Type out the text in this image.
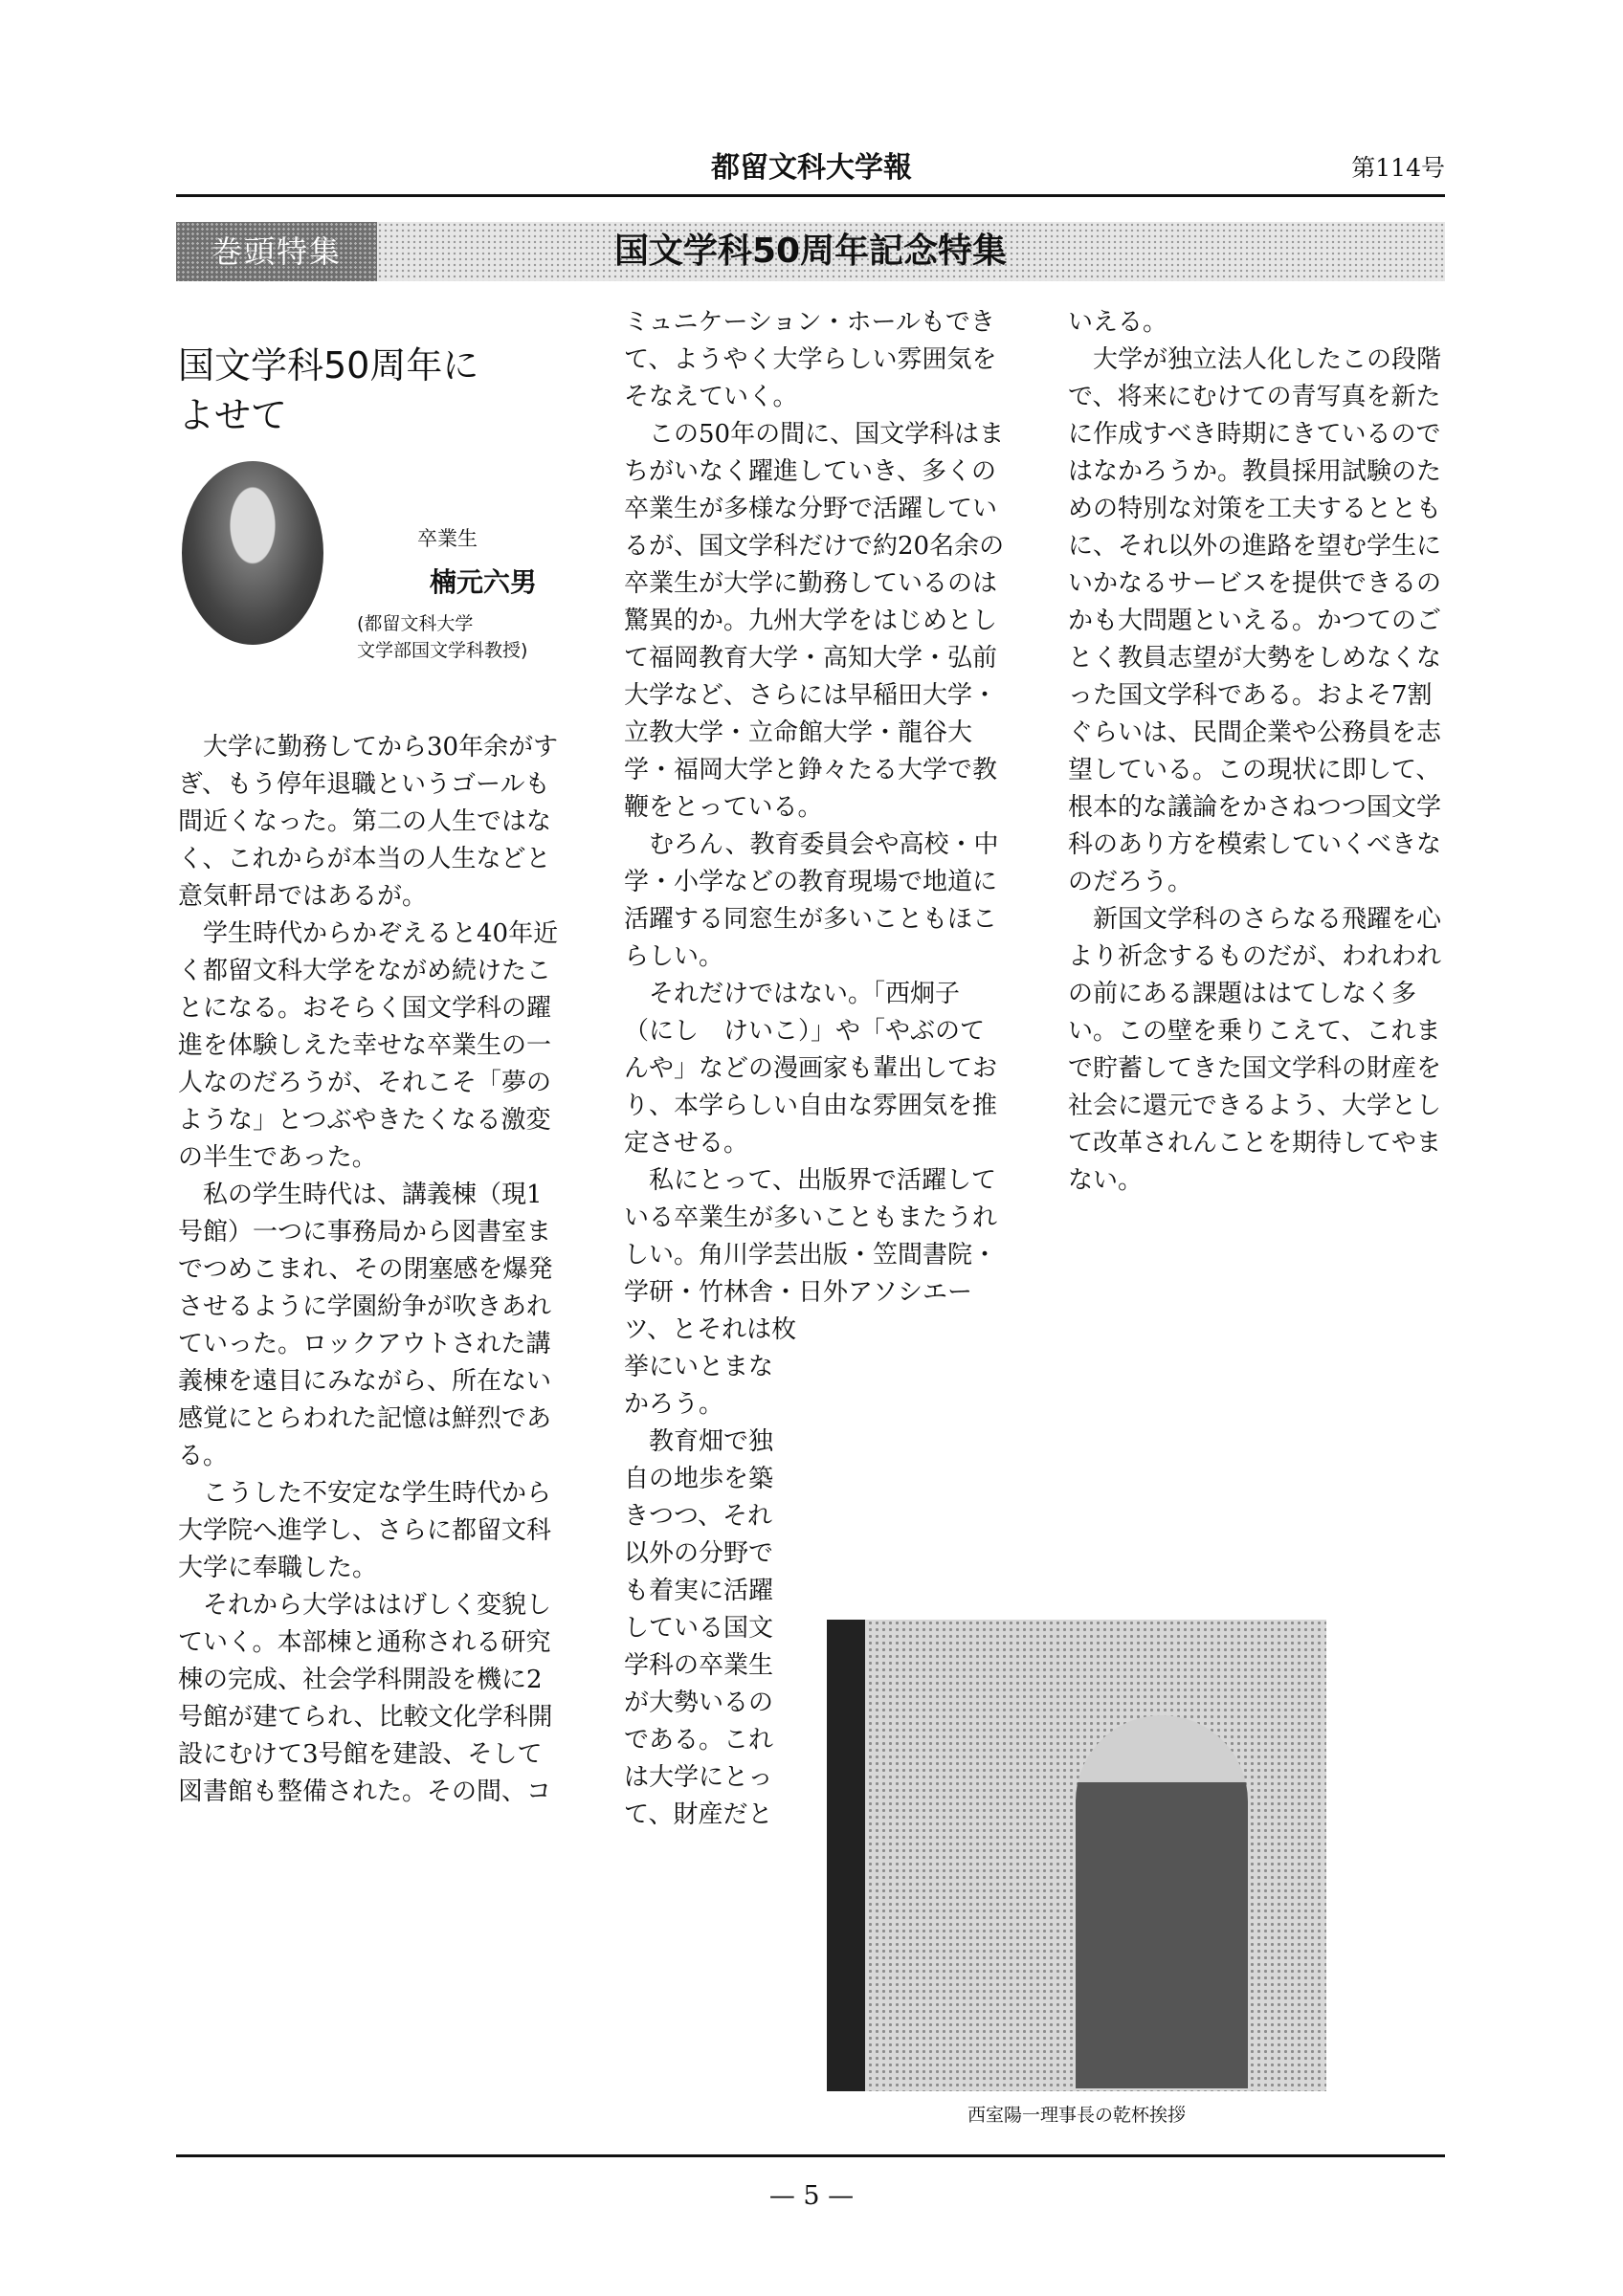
都留文科大学報	第114号
巻頭特集	国文学科50周年記念特集
国文学科50周年に
よせて
卒業生
楠元六男
(都留文科大学
文学部国文学科教授)
　大学に勤務してから30年余がすぎ、もう停年退職というゴールも間近くなった。第二の人生ではなく、これからが本当の人生などと意気軒昂ではあるが。
　学生時代からかぞえると40年近く都留文科大学をながめ続けたことになる。おそらく国文学科の躍進を体験しえた幸せな卒業生の一人なのだろうが、それこそ「夢のような」とつぶやきたくなる激変の半生であった。
　私の学生時代は、講義棟（現1号館）一つに事務局から図書室までつめこまれ、その閉塞感を爆発させるように学園紛争が吹きあれていった。ロックアウトされた講義棟を遠目にみながら、所在ない感覚にとらわれた記憶は鮮烈である。
　こうした不安定な学生時代から大学院へ進学し、さらに都留文科大学に奉職した。
　それから大学ははげしく変貌していく。本部棟と通称される研究棟の完成、社会学科開設を機に2号館が建てられ、比較文化学科開設にむけて3号館を建設、そして図書館も整備された。その間、コ

ミュニケーション・ホールもできて、ようやく大学らしい雰囲気をそなえていく。
　この50年の間に、国文学科はまちがいなく躍進していき、多くの卒業生が多様な分野で活躍しているが、国文学科だけで約20名余の卒業生が大学に勤務しているのは驚異的か。九州大学をはじめとして福岡教育大学・高知大学・弘前大学など、さらには早稲田大学・立教大学・立命館大学・龍谷大学・福岡大学と錚々たる大学で教鞭をとっている。
　むろん、教育委員会や高校・中学・小学などの教育現場で地道に活躍する同窓生が多いこともほこらしい。
　それだけではない。「西炯子（にし　けいこ）」や「やぶのてんや」などの漫画家も輩出しており、本学らしい自由な雰囲気を推定させる。
　私にとって、出版界で活躍している卒業生が多いこともまたうれしい。角川学芸出版・笠間書院・学研・竹林舎・日外アソシエーツ、とそれは枚

挙にいとまな
かろう。
　教育畑で独
自の地歩を築
きつつ、それ
以外の分野で
も着実に活躍
している国文
学科の卒業生
が大勢いるの
である。これ
は大学にとっ
て、財産だと

いえる。
　大学が独立法人化したこの段階で、将来にむけての青写真を新たに作成すべき時期にきているのではなかろうか。教員採用試験のための特別な対策を工夫するとともに、それ以外の進路を望む学生にいかなるサービスを提供できるのかも大問題といえる。かつてのごとく教員志望が大勢をしめなくなった国文学科である。およそ7割ぐらいは、民間企業や公務員を志望している。この現状に即して、根本的な議論をかさねつつ国文学科のあり方を模索していくべきなのだろう。
　新国文学科のさらなる飛躍を心より祈念するものだが、われわれの前にある課題ははてしなく多い。この壁を乗りこえて、これまで貯蓄してきた国文学科の財産を社会に還元できるよう、大学として改革されんことを期待してやまない。
西室陽一理事長の乾杯挨拶
— 5 —
